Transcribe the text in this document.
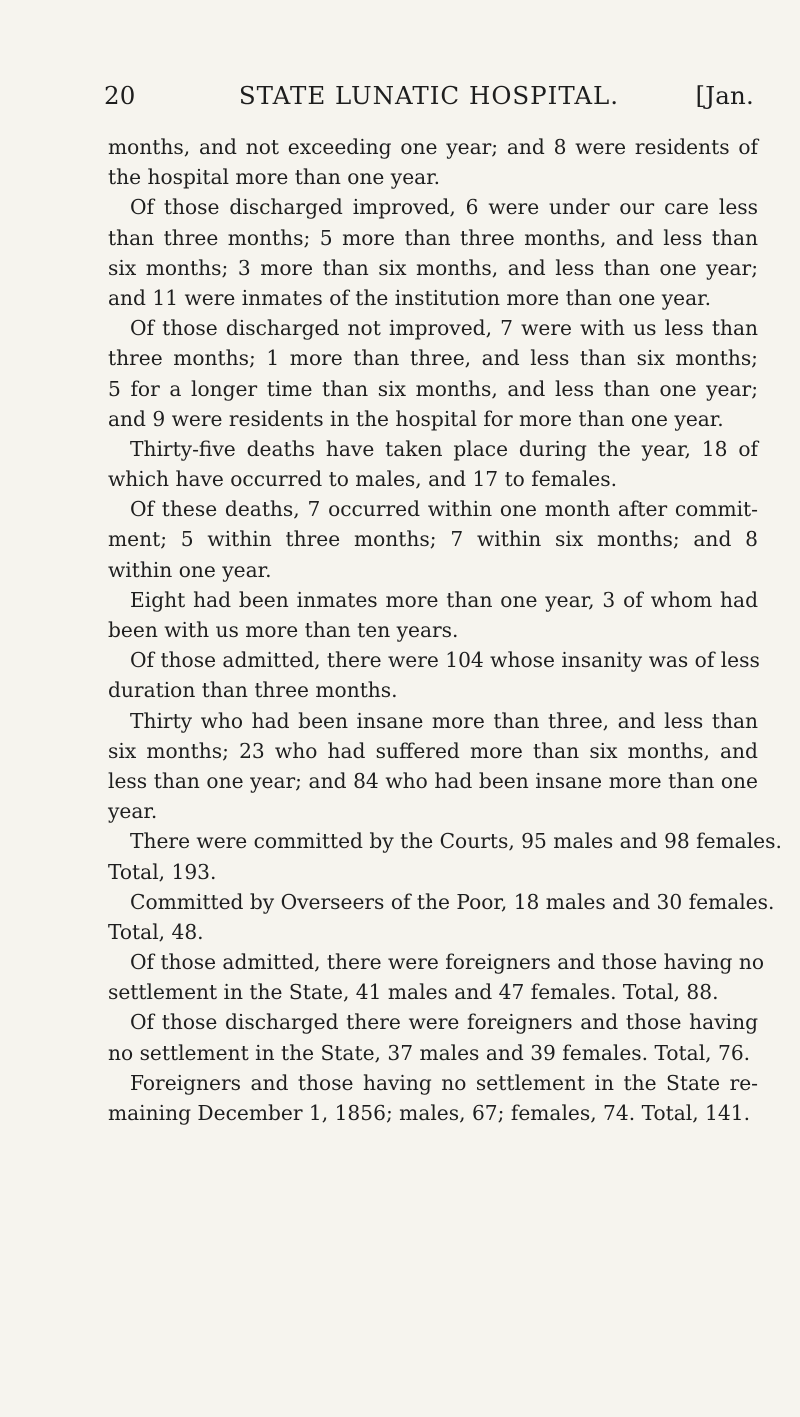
20	STATE LUNATIC HOSPITAL.	[Jan.
months, and not exceeding one year; and 8 were residents of
the hospital more than one year.
Of those discharged improved, 6 were under our care less
than three months; 5 more than three months, and less than
six months; 3 more than six months, and less than one year;
and 11 were inmates of the institution more than one year.
Of those discharged not improved, 7 were with us less than
three months; 1 more than three, and less than six months;
5 for a longer time than six months, and less than one year;
and 9 were residents in the hospital for more than one year.
Thirty-five deaths have taken place during the year, 18 of
which have occurred to males, and 17 to females.
Of these deaths, 7 occurred within one month after commit-
ment; 5 within three months; 7 within six months; and 8
within one year.
Eight had been inmates more than one year, 3 of whom had
been with us more than ten years.
Of those admitted, there were 104 whose insanity was of less
duration than three months.
Thirty who had been insane more than three, and less than
six months; 23 who had suffered more than six months, and
less than one year; and 84 who had been insane more than one
year.
There were committed by the Courts, 95 males and 98 females.
Total, 193.
Committed by Overseers of the Poor, 18 males and 30 females.
Total, 48.
Of those admitted, there were foreigners and those having no
settlement in the State, 41 males and 47 females. Total, 88.
Of those discharged there were foreigners and those having
no settlement in the State, 37 males and 39 females. Total, 76.
Foreigners and those having no settlement in the State re-
maining December 1, 1856; males, 67; females, 74. Total, 141.
